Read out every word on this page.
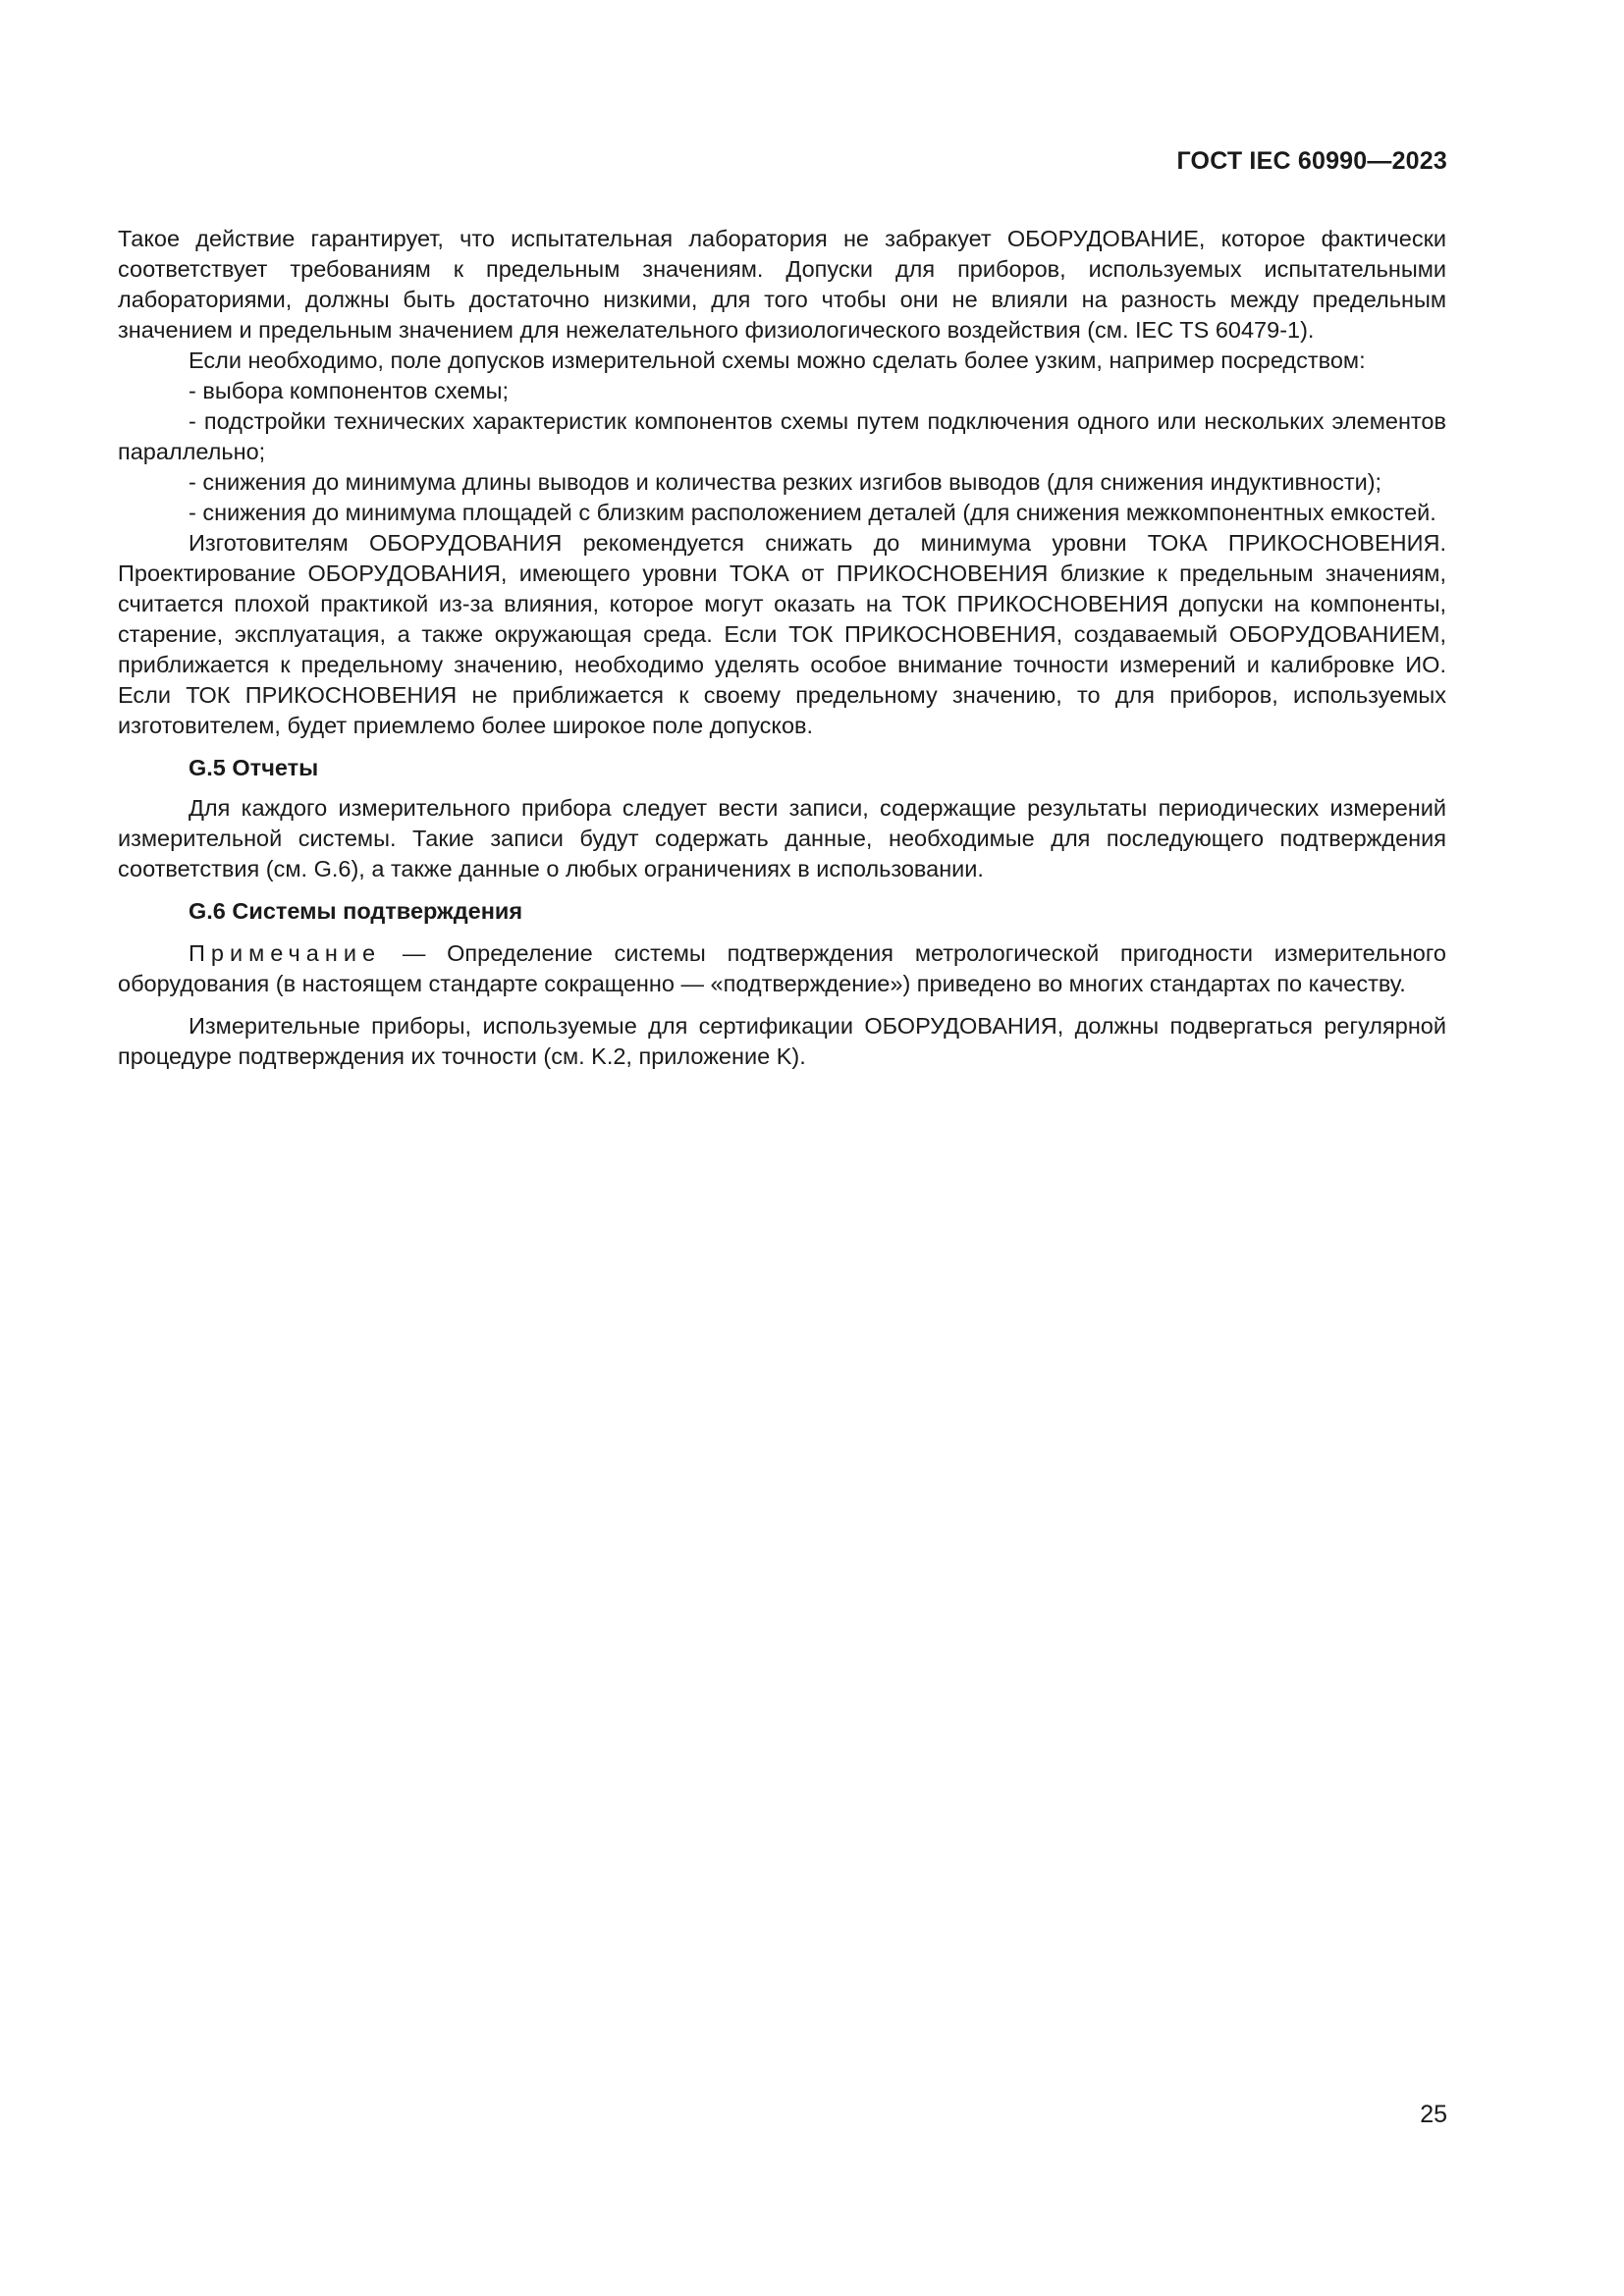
ГОСТ IEC 60990—2023

Такое действие гарантирует, что испытательная лаборатория не забракует ОБОРУДОВАНИЕ, которое фактически соответствует требованиям к предельным значениям. Допуски для приборов, используемых испытательными лабораториями, должны быть достаточно низкими, для того чтобы они не влияли на разность между предельным значением и предельным значением для нежелательного физиологического воздействия (см. IEC TS 60479-1).

Если необходимо, поле допусков измерительной схемы можно сделать более узким, например посредством:

- выбора компонентов схемы;

- подстройки технических характеристик компонентов схемы путем подключения одного или нескольких элементов параллельно;

- снижения до минимума длины выводов и количества резких изгибов выводов (для снижения индуктивности);

- снижения до минимума площадей с близким расположением деталей (для снижения межкомпонентных емкостей.

Изготовителям ОБОРУДОВАНИЯ рекомендуется снижать до минимума уровни ТОКА ПРИКОСНОВЕНИЯ. Проектирование ОБОРУДОВАНИЯ, имеющего уровни ТОКА от ПРИКОСНОВЕНИЯ близкие к предельным значениям, считается плохой практикой из-за влияния, которое могут оказать на ТОК ПРИКОСНОВЕНИЯ допуски на компоненты, старение, эксплуатация, а также окружающая среда. Если ТОК ПРИКОСНОВЕНИЯ, создаваемый ОБОРУДОВАНИЕМ, приближается к предельному значению, необходимо уделять особое внимание точности измерений и калибровке ИО. Если ТОК ПРИКОСНОВЕНИЯ не приближается к своему предельному значению, то для приборов, используемых изготовителем, будет приемлемо более широкое поле допусков.

G.5 Отчеты

Для каждого измерительного прибора следует вести записи, содержащие результаты периодических измерений измерительной системы. Такие записи будут содержать данные, необходимые для последующего подтверждения соответствия (см. G.6), а также данные о любых ограничениях в использовании.

G.6 Системы подтверждения

Примечание — Определение системы подтверждения метрологической пригодности измерительного оборудования (в настоящем стандарте сокращенно — «подтверждение») приведено во многих стандартах по качеству.

Измерительные приборы, используемые для сертификации ОБОРУДОВАНИЯ, должны подвергаться регулярной процедуре подтверждения их точности (см. K.2, приложение K).

25
